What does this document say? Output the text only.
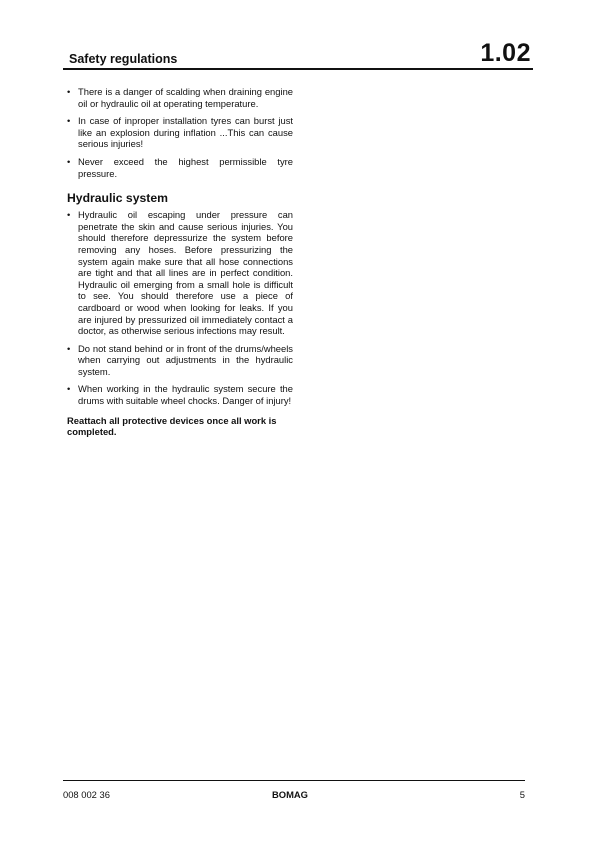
Safety regulations	1.02
• There is a danger of scalding when draining engine oil or hydraulic oil at operating temperature.
• In case of inproper installation tyres can burst just like an explosion during inflation ...This can cause serious injuries!
• Never exceed the highest permissible tyre pressure.
Hydraulic system
• Hydraulic oil escaping under pressure can penetrate the skin and cause serious injuries. You should therefore depressurize the system before removing any hoses. Before pressurizing the system again make sure that all hose connections are tight and that all lines are in perfect condition. Hydraulic oil emerging from a small hole is difficult to see. You should therefore use a piece of cardboard or wood when looking for leaks. If you are injured by pressurized oil immediately contact a doctor, as otherwise serious infections may result.
• Do not stand behind or in front of the drums/wheels when carrying out adjustments in the hydraulic system.
• When working in the hydraulic system secure the drums with suitable wheel chocks. Danger of injury!
Reattach all protective devices once all work is completed.
008 002 36	BOMAG	5
